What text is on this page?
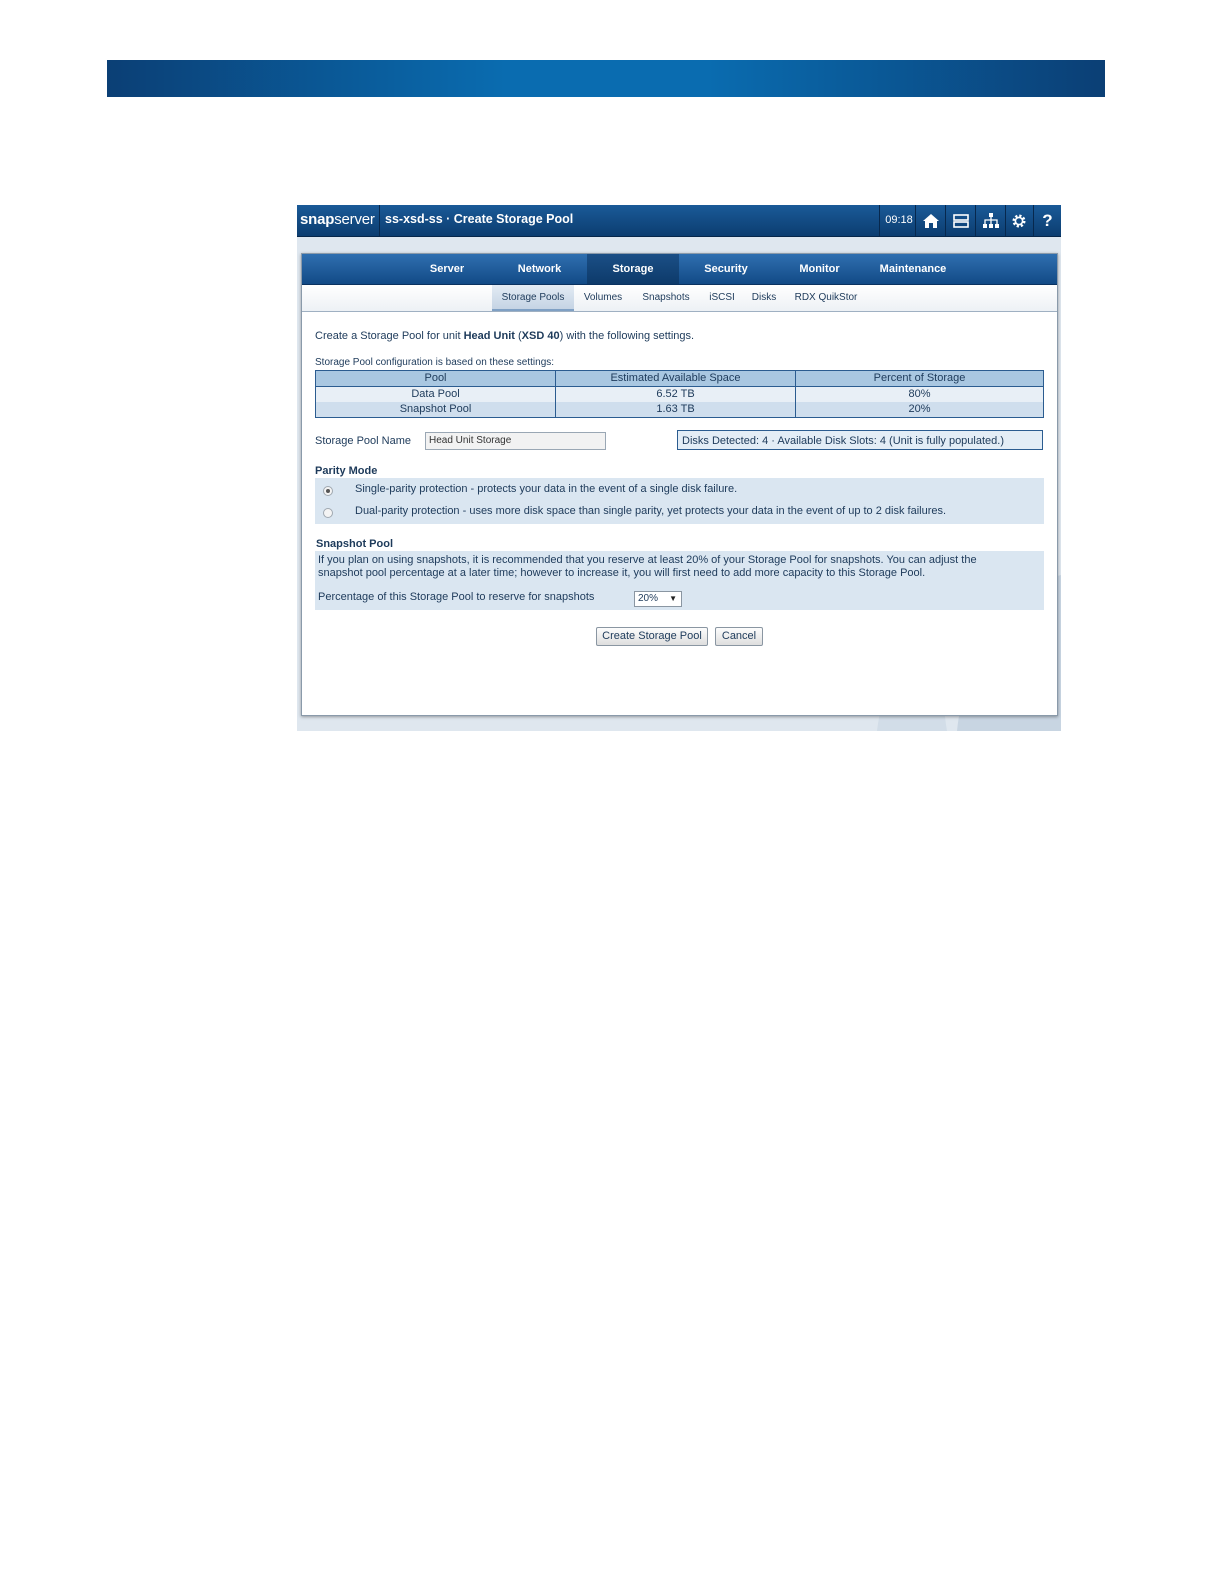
snapserver ss-xsd-ss · Create Storage Pool	09:18	?
Server	Network	Storage	Security	Monitor	Maintenance
Storage Pools	Volumes	Snapshots	iSCSI	Disks	RDX QuikStor
Create a Storage Pool for unit Head Unit (XSD 40) with the following settings.
Storage Pool configuration is based on these settings:
Pool	Estimated Available Space	Percent of Storage
Data Pool	6.52 TB	80%
Snapshot Pool	1.63 TB	20%
Storage Pool Name	Head Unit Storage	Disks Detected: 4 · Available Disk Slots: 4 (Unit is fully populated.)
Parity Mode
Single-parity protection - protects your data in the event of a single disk failure.
Dual-parity protection - uses more disk space than single parity, yet protects your data in the event of up to 2 disk failures.
Snapshot Pool
If you plan on using snapshots, it is recommended that you reserve at least 20% of your Storage Pool for snapshots. You can adjust the
snapshot pool percentage at a later time; however to increase it, you will first need to add more capacity to this Storage Pool.
Percentage of this Storage Pool to reserve for snapshots	20% ▼
Create Storage Pool	Cancel
